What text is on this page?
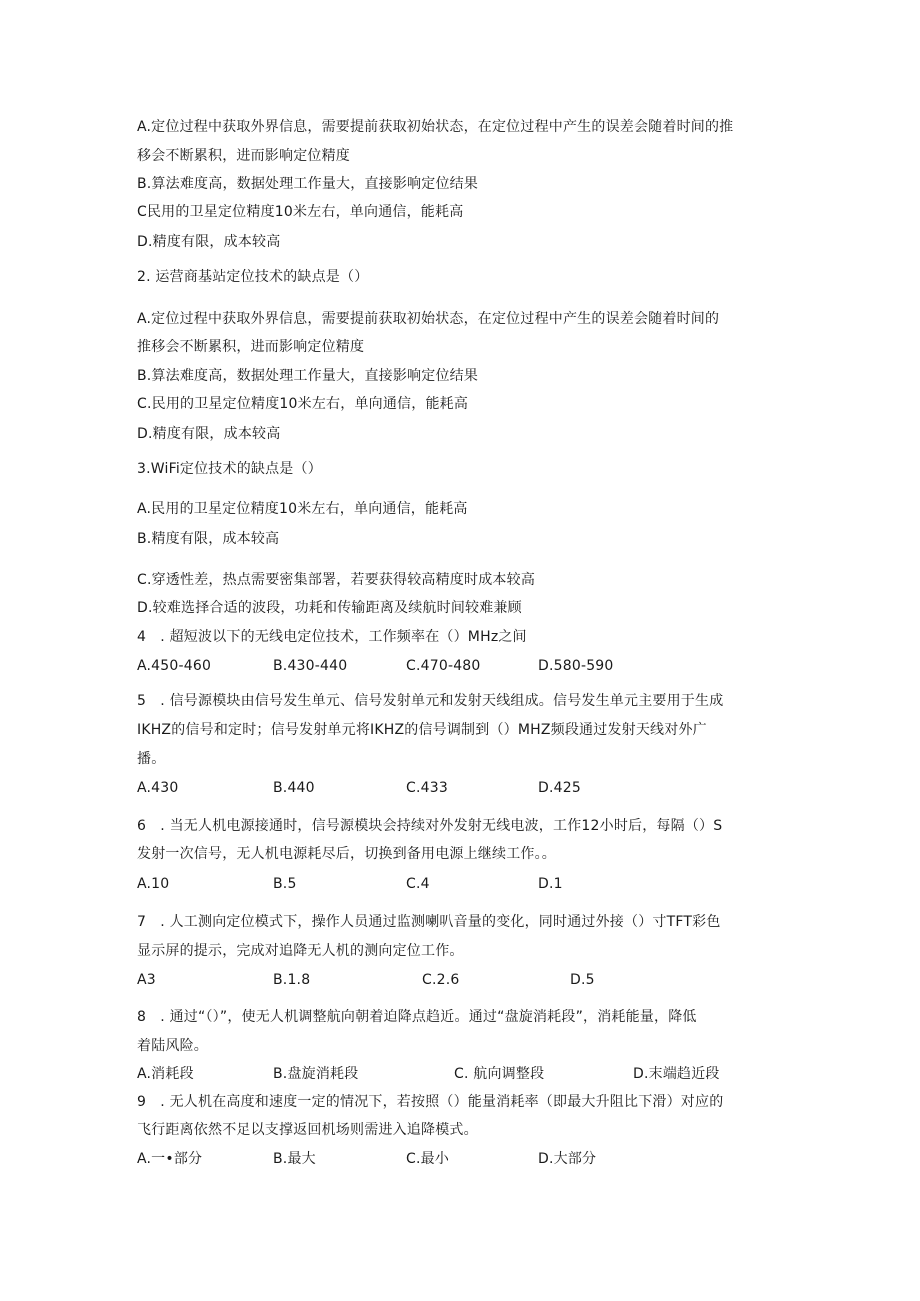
A.定位过程中获取外界信息，需要提前获取初始状态，在定位过程中产生的误差会随着时间的推
移会不断累积，进而影响定位精度
B.算法难度高，数据处理工作量大，直接影响定位结果
C民用的卫星定位精度10米左右，单向通信，能耗高
D.精度有限，成本较高
2. 运营商基站定位技术的缺点是（）
A.定位过程中获取外界信息，需要提前获取初始状态，在定位过程中产生的误差会随着时间的
推移会不断累积，进而影响定位精度
B.算法难度高，数据处理工作量大，直接影响定位结果
C.民用的卫星定位精度10米左右，单向通信，能耗高
D.精度有限，成本较高
3.WiFi定位技术的缺点是（）
A.民用的卫星定位精度10米左右，单向通信，能耗高
B.精度有限，成本较高
C.穿透性差，热点需要密集部署，若要获得较高精度时成本较高
D.较难选择合适的波段，功耗和传输距离及续航时间较难兼顾
4　. 超短波以下的无线电定位技术，工作频率在（）MHz之间
A.450-460	B.430-440	C.470-480	D.580-590
5　. 信号源模块由信号发生单元、信号发射单元和发射天线组成。信号发生单元主要用于生成
IKHZ的信号和定时；信号发射单元将IKHZ的信号调制到（）MHZ频段通过发射天线对外广
播。
A.430	B.440	C.433	D.425
6　. 当无人机电源接通时，信号源模块会持续对外发射无线电波，工作12小时后，每隔（）S
发射一次信号，无人机电源耗尽后，切换到备用电源上继续工作。。
A.10	B.5	C.4	D.1
7　. 人工测向定位模式下，操作人员通过监测喇叭音量的变化，同时通过外接（）寸TFT彩色
显示屏的提示，完成对追降无人机的测向定位工作。
A3	B.1.8	C.2.6	D.5
8　. 通过“（）”，使无人机调整航向朝着迫降点趋近。通过“盘旋消耗段”，消耗能量，降低
着陆风险。
A.消耗段	B.盘旋消耗段	C. 航向调整段	D.末端趋近段
9　. 无人机在高度和速度一定的情况下，若按照（）能量消耗率（即最大升阻比下滑）对应的
飞行距离依然不足以支撑返回机场则需进入追降模式。
A.一•部分	B.最大	C.最小	D.大部分
